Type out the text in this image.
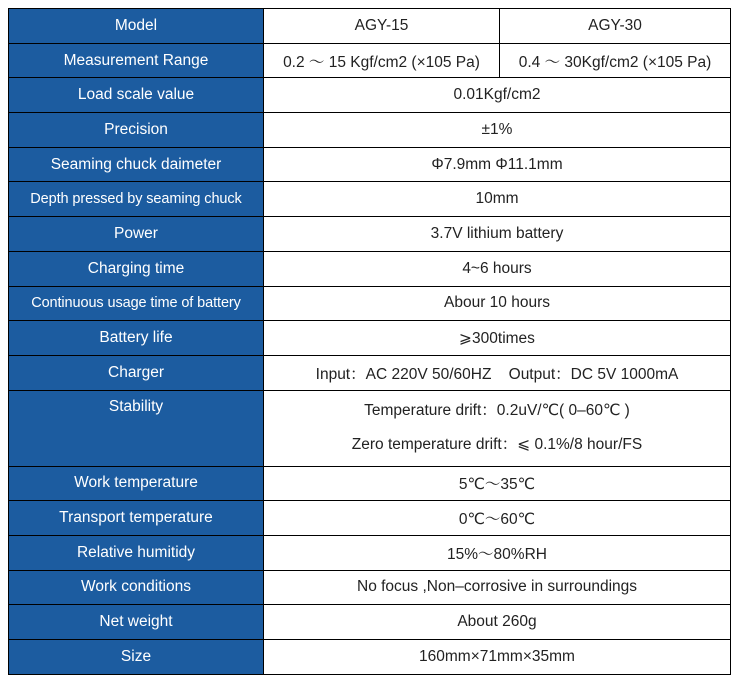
Model	AGY-15	AGY-30
Measurement Range	0.2 ～ 15 Kgf/cm2 (×105 Pa)	0.4 ～ 30Kgf/cm2 (×105 Pa)
Load scale value	0.01Kgf/cm2	
Precision	±1%	
Seaming chuck daimeter	Φ7.9mm Φ11.1mm	
Depth pressed by seaming chuck	10mm	
Power	3.7V lithium battery	
Charging time	4~6 hours	
Continuous usage time of battery	Abour 10 hours	
Battery life	⩾300times	
Charger	Input：AC 220V 50/60HZ    Output：DC 5V 1000mA	
Stability	Temperature drift：0.2uV/℃( 0–60℃ )
Zero temperature drift：⩽ 0.1%/8 hour/FS	

Work temperature	5℃～35℃	
Transport temperature	0℃～60℃	
Relative humitidy	15%～80%RH	
Work conditions	No focus ,Non–corrosive in surroundings	
Net weight	About 260g	
Size	160mm×71mm×35mm	
